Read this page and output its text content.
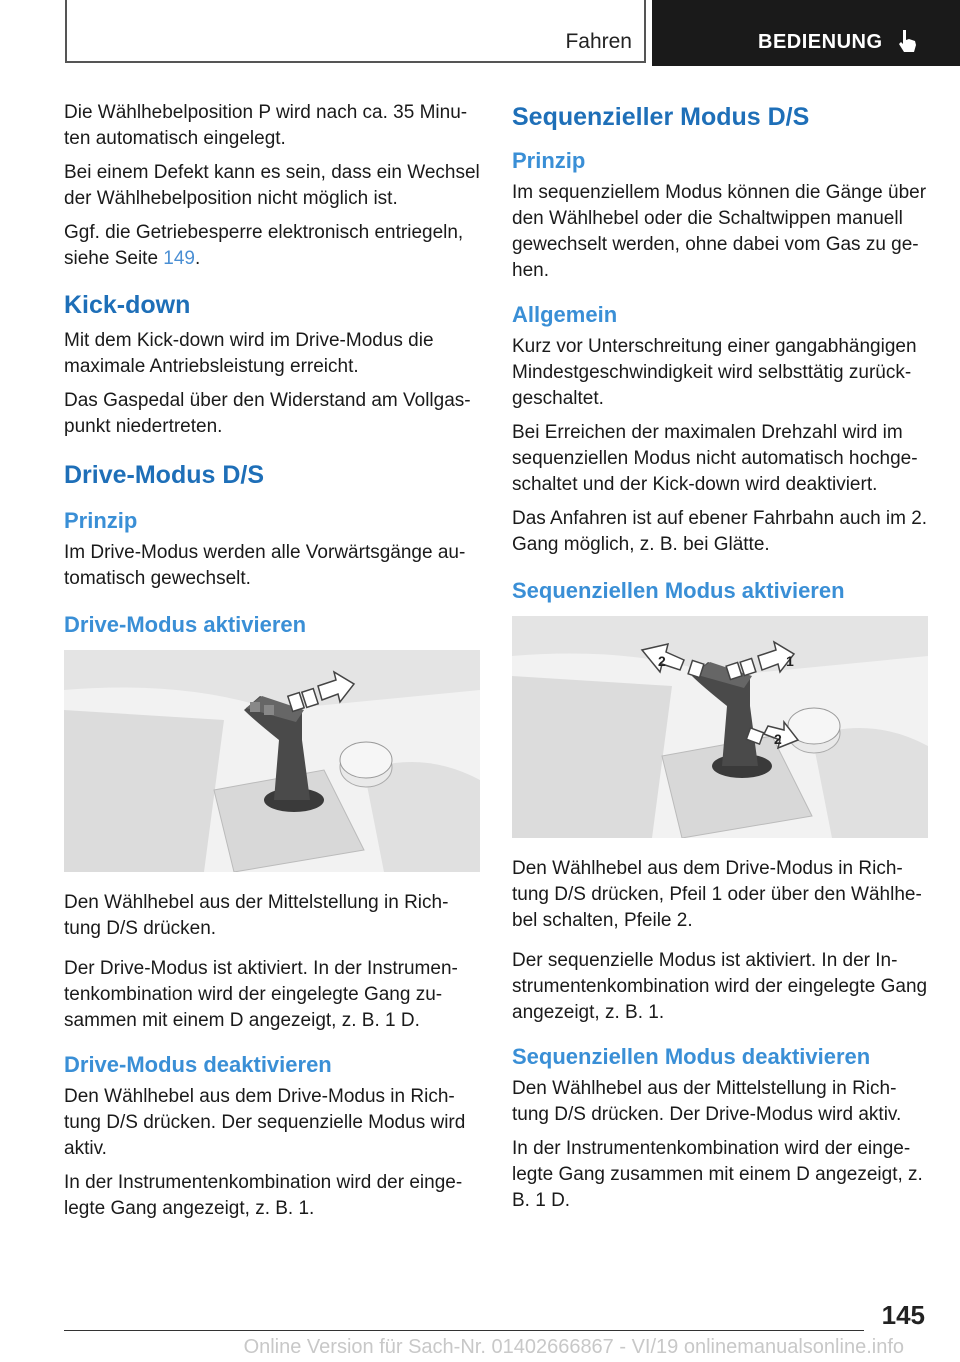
Fahren	BEDIENUNG

Die Wählhebelposition P wird nach ca. 35 Minu-ten automatisch eingelegt.

Bei einem Defekt kann es sein, dass ein Wechsel der Wählhebelposition nicht möglich ist.

Ggf. die Getriebesperre elektronisch entriegeln, siehe Seite 149.

Kick-down

Mit dem Kick-down wird im Drive-Modus die maximale Antriebsleistung erreicht.

Das Gaspedal über den Widerstand am Vollgas-punkt niedertreten.

Drive-Modus D/S
Prinzip

Im Drive-Modus werden alle Vorwärtsgänge au-tomatisch gewechselt.

Drive-Modus aktivieren

Den Wählhebel aus der Mittelstellung in Rich-tung D/S drücken.

Der Drive-Modus ist aktiviert. In der Instrumen-tenkombination wird der eingelegte Gang zu-sammen mit einem D angezeigt, z. B. 1 D.

Drive-Modus deaktivieren

Den Wählhebel aus dem Drive-Modus in Rich-tung D/S drücken. Der sequenzielle Modus wird aktiv.

In der Instrumentenkombination wird der einge-legte Gang angezeigt, z. B. 1.

Sequenzieller Modus D/S
Prinzip

Im sequenziellem Modus können die Gänge über den Wählhebel oder die Schaltwippen manuell gewechselt werden, ohne dabei vom Gas zu ge-hen.

Allgemein

Kurz vor Unterschreitung einer gangabhängigen Mindestgeschwindigkeit wird selbsttätig zurück-geschaltet.

Bei Erreichen der maximalen Drehzahl wird im sequenziellen Modus nicht automatisch hochge-schaltet und der Kick-down wird deaktiviert.

Das Anfahren ist auf ebener Fahrbahn auch im 2. Gang möglich, z. B. bei Glätte.

Sequenziellen Modus aktivieren
1
2
2

Den Wählhebel aus dem Drive-Modus in Rich-tung D/S drücken, Pfeil 1 oder über den Wählhe-bel schalten, Pfeile 2.

Der sequenzielle Modus ist aktiviert. In der In-strumentenkombination wird der eingelegte Gang angezeigt, z. B. 1.

Sequenziellen Modus deaktivieren

Den Wählhebel aus der Mittelstellung in Rich-tung D/S drücken. Der Drive-Modus wird aktiv.

In der Instrumentenkombination wird der einge-legte Gang zusammen mit einem D angezeigt, z. B. 1 D.

145
Online Version für Sach-Nr. 01402666867 - VI/19 onlinemanualsonline.info
